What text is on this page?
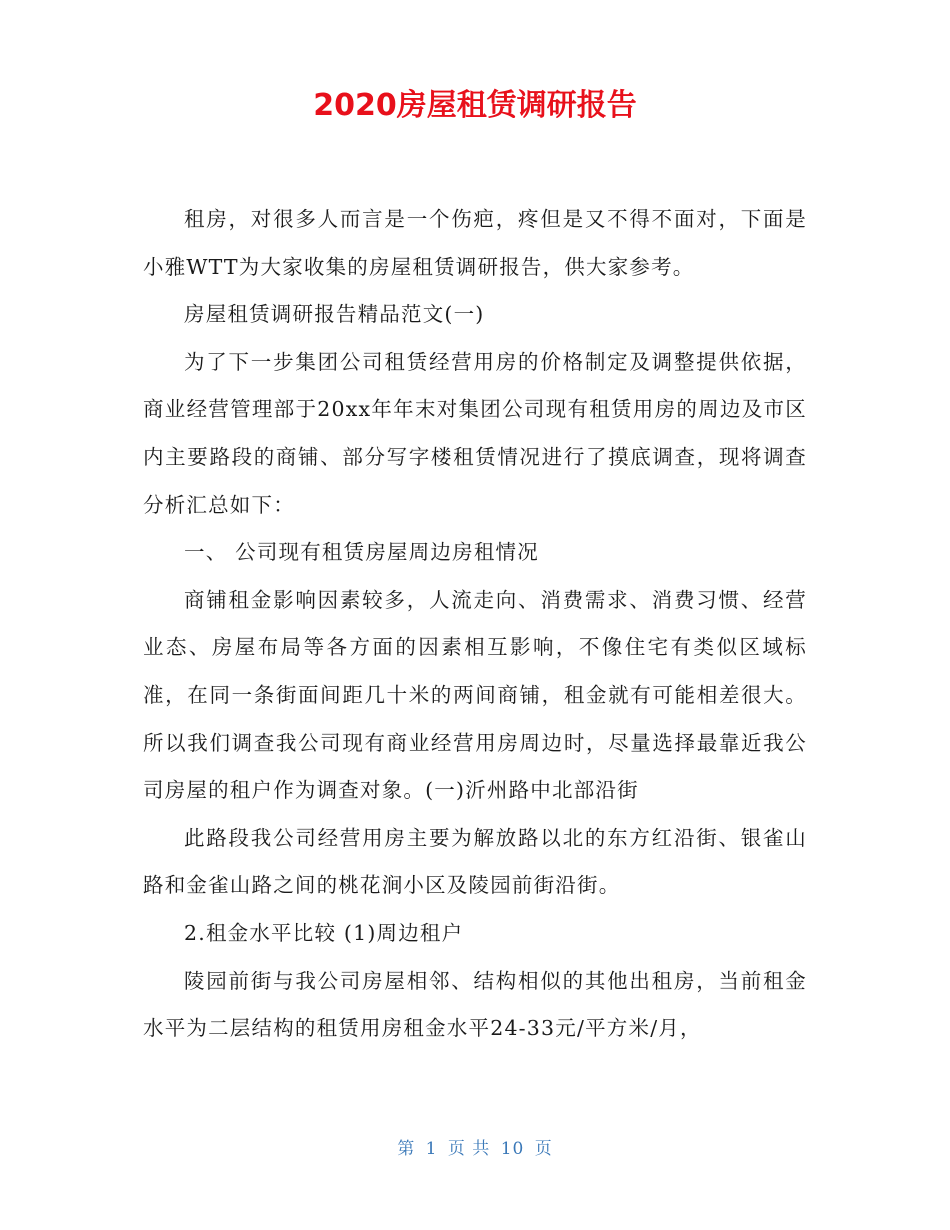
2020房屋租赁调研报告

租房，对很多人而言是一个伤疤，疼但是又不得不面对，下面是小雅WTT为大家收集的房屋租赁调研报告，供大家参考。

房屋租赁调研报告精品范文(一)

为了下一步集团公司租赁经营用房的价格制定及调整提供依据，商业经营管理部于20xx年年末对集团公司现有租赁用房的周边及市区内主要路段的商铺、部分写字楼租赁情况进行了摸底调查，现将调查分析汇总如下：

一、 公司现有租赁房屋周边房租情况

商铺租金影响因素较多，人流走向、消费需求、消费习惯、经营业态、房屋布局等各方面的因素相互影响，不像住宅有类似区域标准，在同一条街面间距几十米的两间商铺，租金就有可能相差很大。所以我们调查我公司现有商业经营用房周边时，尽量选择最靠近我公司房屋的租户作为调查对象。(一)沂州路中北部沿街

此路段我公司经营用房主要为解放路以北的东方红沿街、银雀山路和金雀山路之间的桃花涧小区及陵园前街沿街。

2.租金水平比较 (1)周边租户

陵园前街与我公司房屋相邻、结构相似的其他出租房，当前租金水平为二层结构的租赁用房租金水平24-33元/平方米/月，

第 1 页 共 10 页
